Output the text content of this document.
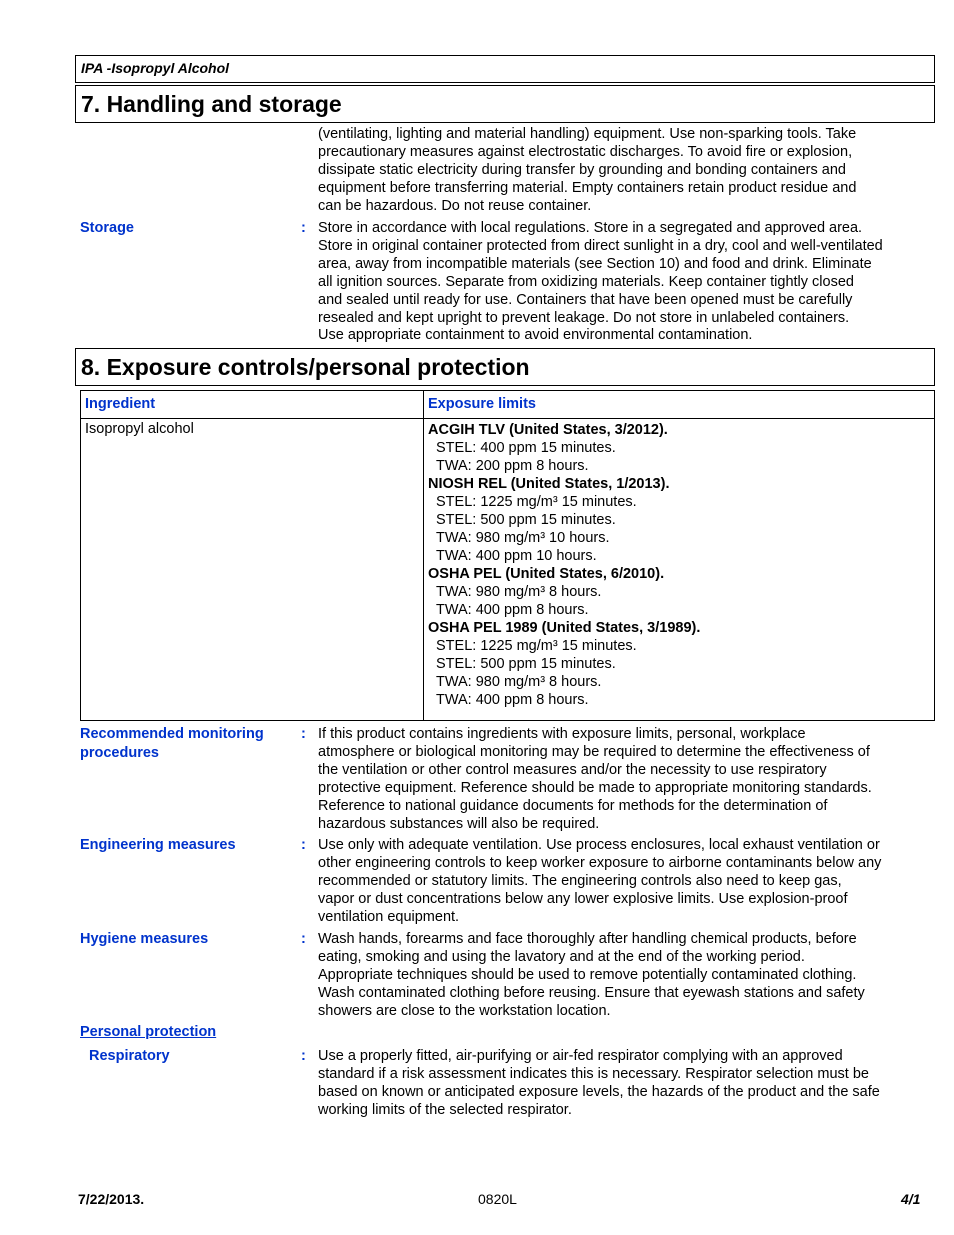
IPA -Isopropyl Alcohol
7. Handling and storage
(ventilating, lighting and material handling) equipment. Use non-sparking tools. Take
precautionary measures against electrostatic discharges. To avoid fire or explosion,
dissipate static electricity during transfer by grounding and bonding containers and
equipment before transferring material. Empty containers retain product residue and
can be hazardous. Do not reuse container.
Storage	: Store in accordance with local regulations. Store in a segregated and approved area.
Store in original container protected from direct sunlight in a dry, cool and well-ventilated
area, away from incompatible materials (see Section 10) and food and drink. Eliminate
all ignition sources. Separate from oxidizing materials. Keep container tightly closed
and sealed until ready for use. Containers that have been opened must be carefully
resealed and kept upright to prevent leakage. Do not store in unlabeled containers.
Use appropriate containment to avoid environmental contamination.
8. Exposure controls/personal protection
Ingredient	Exposure limits
Isopropyl alcohol	ACGIH TLV (United States, 3/2012).
STEL: 400 ppm 15 minutes.
TWA: 200 ppm 8 hours.
NIOSH REL (United States, 1/2013).
STEL: 1225 mg/m³ 15 minutes.
STEL: 500 ppm 15 minutes.
TWA: 980 mg/m³ 10 hours.
TWA: 400 ppm 10 hours.
OSHA PEL (United States, 6/2010).
TWA: 980 mg/m³ 8 hours.
TWA: 400 ppm 8 hours.
OSHA PEL 1989 (United States, 3/1989).
STEL: 1225 mg/m³ 15 minutes.
STEL: 500 ppm 15 minutes.
TWA: 980 mg/m³ 8 hours.
TWA: 400 ppm 8 hours.
Recommended monitoring
procedures
: If this product contains ingredients with exposure limits, personal, workplace
atmosphere or biological monitoring may be required to determine the effectiveness of
the ventilation or other control measures and/or the necessity to use respiratory
protective equipment. Reference should be made to appropriate monitoring standards.
Reference to national guidance documents for methods for the determination of
hazardous substances will also be required.
Engineering measures	: Use only with adequate ventilation. Use process enclosures, local exhaust ventilation or
other engineering controls to keep worker exposure to airborne contaminants below any
recommended or statutory limits. The engineering controls also need to keep gas,
vapor or dust concentrations below any lower explosive limits. Use explosion-proof
ventilation equipment.
Hygiene measures	: Wash hands, forearms and face thoroughly after handling chemical products, before
eating, smoking and using the lavatory and at the end of the working period.
Appropriate techniques should be used to remove potentially contaminated clothing.
Wash contaminated clothing before reusing. Ensure that eyewash stations and safety
showers are close to the workstation location.
Personal protection
Respiratory	: Use a properly fitted, air-purifying or air-fed respirator complying with an approved
standard if a risk assessment indicates this is necessary. Respirator selection must be
based on known or anticipated exposure levels, the hazards of the product and the safe
working limits of the selected respirator.
7/22/2013.	0820L	4/1
